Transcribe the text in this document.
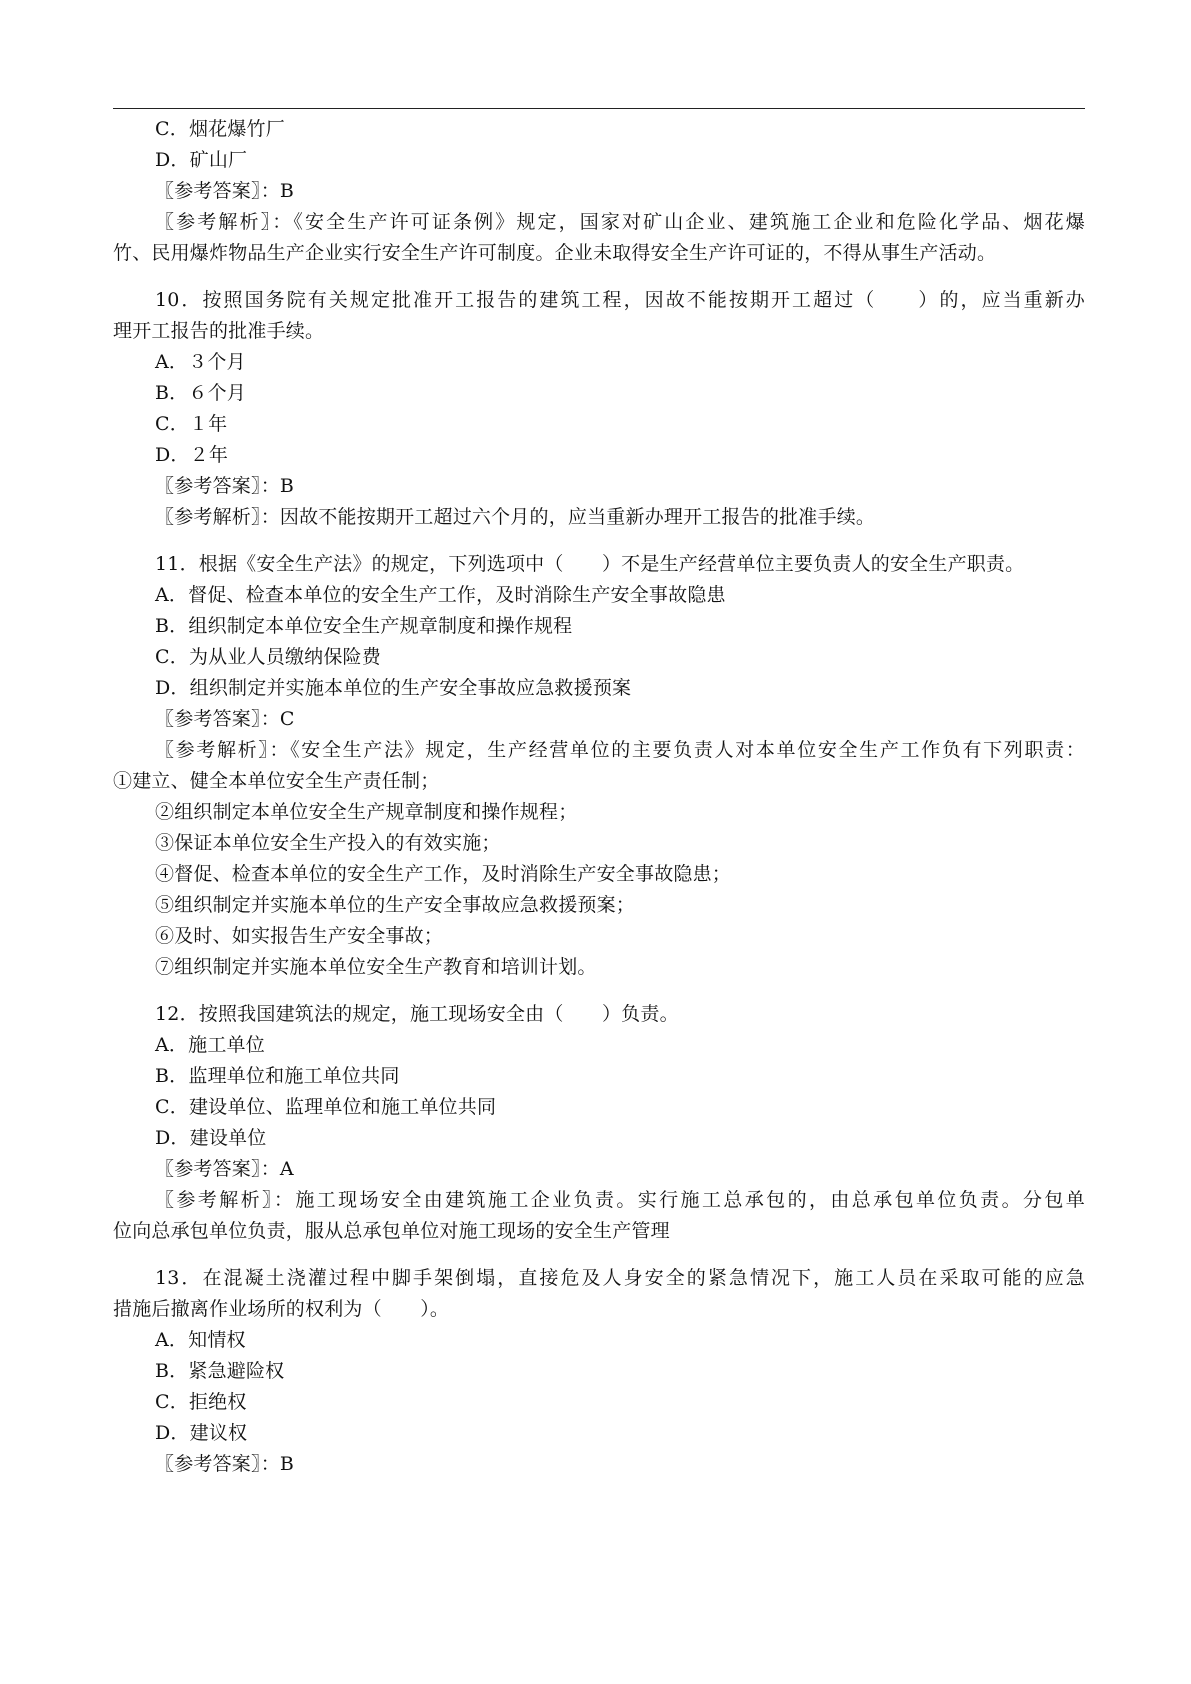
C．烟花爆竹厂
D．矿山厂
〖参考答案〗：B
〖参考解析〗：《安全生产许可证条例》规定，国家对矿山企业、建筑施工企业和危险化学品、烟花爆
竹、民用爆炸物品生产企业实行安全生产许可制度。企业未取得安全生产许可证的，不得从事生产活动。
10．按照国务院有关规定批准开工报告的建筑工程，因故不能按期开工超过（　　）的，应当重新办
理开工报告的批准手续。
A．３个月
B．６个月
C．１年
D．２年
〖参考答案〗：B
〖参考解析〗：因故不能按期开工超过六个月的，应当重新办理开工报告的批准手续。
11．根据《安全生产法》的规定，下列选项中（　　）不是生产经营单位主要负责人的安全生产职责。
A．督促、检查本单位的安全生产工作，及时消除生产安全事故隐患
B．组织制定本单位安全生产规章制度和操作规程
C．为从业人员缴纳保险费
D．组织制定并实施本单位的生产安全事故应急救援预案
〖参考答案〗：C
〖参考解析〗：《安全生产法》规定，生产经营单位的主要负责人对本单位安全生产工作负有下列职责：
①建立、健全本单位安全生产责任制；
②组织制定本单位安全生产规章制度和操作规程；
③保证本单位安全生产投入的有效实施；
④督促、检查本单位的安全生产工作，及时消除生产安全事故隐患；
⑤组织制定并实施本单位的生产安全事故应急救援预案；
⑥及时、如实报告生产安全事故；
⑦组织制定并实施本单位安全生产教育和培训计划。
12．按照我国建筑法的规定，施工现场安全由（　　）负责。
A．施工单位
B．监理单位和施工单位共同
C．建设单位、监理单位和施工单位共同
D．建设单位
〖参考答案〗：A
〖参考解析〗：施工现场安全由建筑施工企业负责。实行施工总承包的，由总承包单位负责。分包单
位向总承包单位负责，服从总承包单位对施工现场的安全生产管理
13．在混凝土浇灌过程中脚手架倒塌，直接危及人身安全的紧急情况下，施工人员在采取可能的应急
措施后撤离作业场所的权利为（　　）。
A．知情权
B．紧急避险权
C．拒绝权
D．建议权
〖参考答案〗：B
